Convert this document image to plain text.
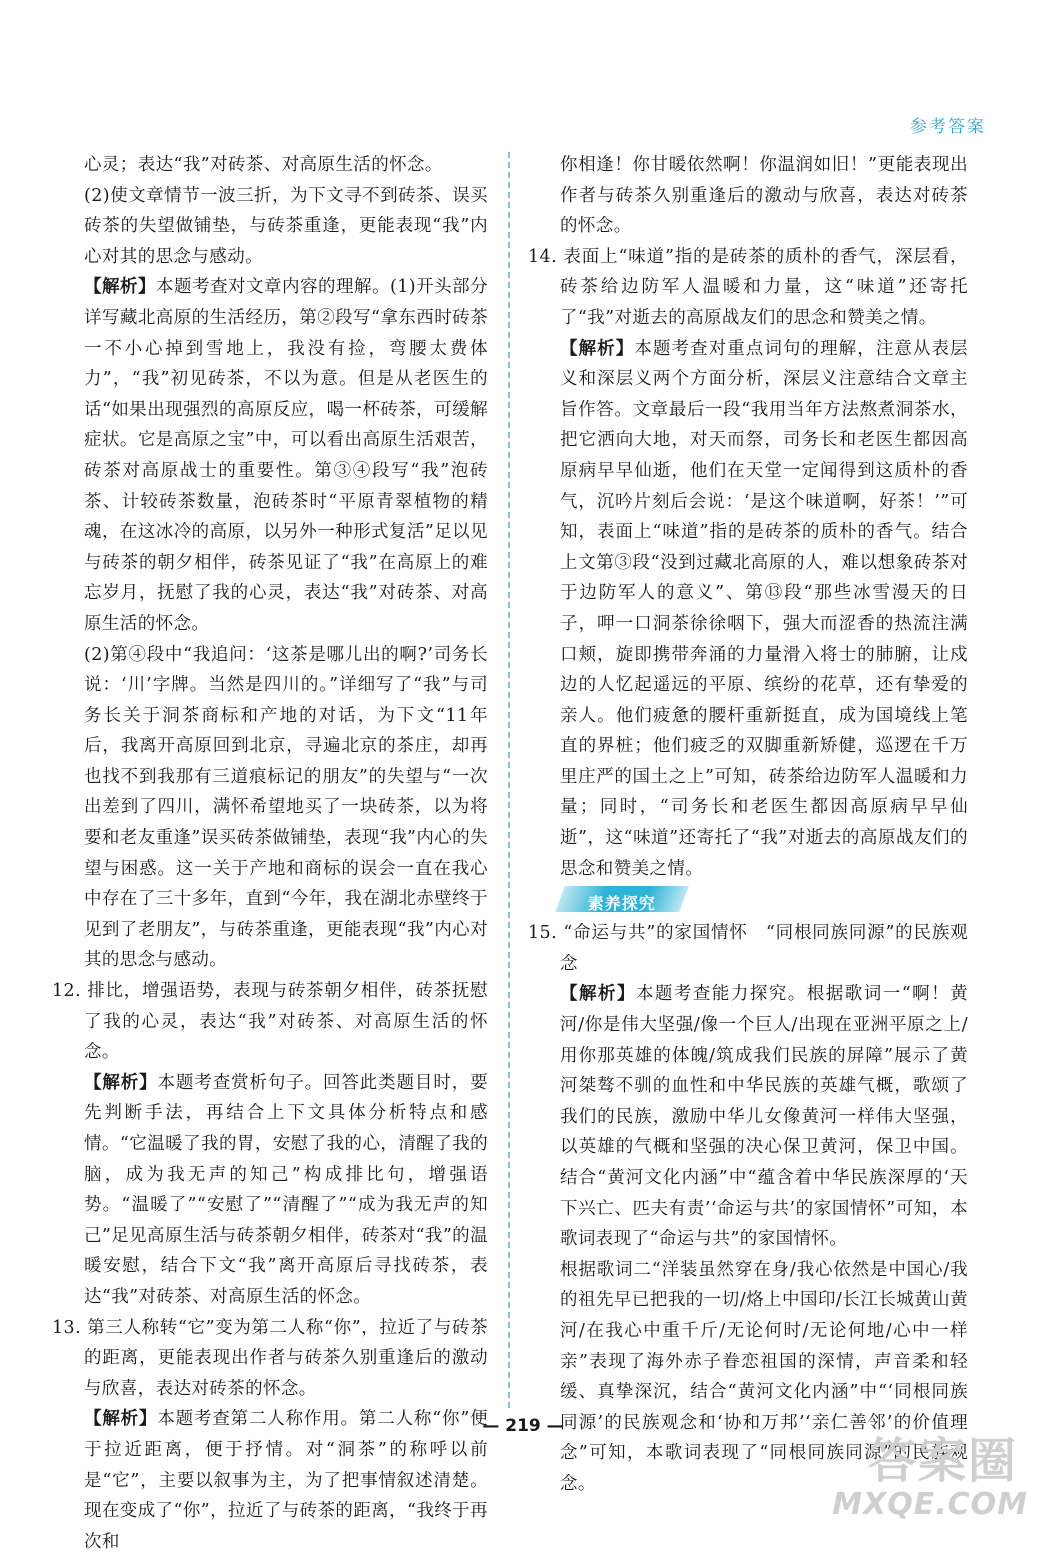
参考答案

心灵；表达“我”对砖茶、对高原生活的怀念。

(2)使文章情节一波三折，为下文寻不到砖茶、误买砖茶的失望做铺垫，与砖茶重逢，更能表现“我”内心对其的思念与感动。

【解析】本题考查对文章内容的理解。(1)开头部分详写藏北高原的生活经历，第②段写“拿东西时砖茶一不小心掉到雪地上，我没有捡，弯腰太费体力”，“我”初见砖茶，不以为意。但是从老医生的话“如果出现强烈的高原反应，喝一杯砖茶，可缓解症状。它是高原之宝”中，可以看出高原生活艰苦，砖茶对高原战士的重要性。第③④段写“我”泡砖茶、计较砖茶数量，泡砖茶时“平原青翠植物的精魂，在这冰冷的高原，以另外一种形式复活”足以见与砖茶的朝夕相伴，砖茶见证了“我”在高原上的难忘岁月，抚慰了我的心灵，表达“我”对砖茶、对高原生活的怀念。

(2)第④段中“我追问：‘这茶是哪儿出的啊?’司务长说：‘川’字牌。当然是四川的。”详细写了“我”与司务长关于洞茶商标和产地的对话，为下文“11年后，我离开高原回到北京，寻遍北京的茶庄，却再也找不到我那有三道痕标记的朋友”的失望与“一次出差到了四川，满怀希望地买了一块砖茶，以为将要和老友重逢”误买砖茶做铺垫，表现“我”内心的失望与困惑。这一关于产地和商标的误会一直在我心中存在了三十多年，直到“今年，我在湖北赤壁终于见到了老朋友”，与砖茶重逢，更能表现“我”内心对其的思念与感动。

12. 排比，增强语势，表现与砖茶朝夕相伴，砖茶抚慰了我的心灵，表达“我”对砖茶、对高原生活的怀念。

【解析】本题考查赏析句子。回答此类题目时，要先判断手法，再结合上下文具体分析特点和感情。“它温暖了我的胃，安慰了我的心，清醒了我的脑，成为我无声的知己”构成排比句，增强语势。“温暖了”“安慰了”“清醒了”“成为我无声的知己”足见高原生活与砖茶朝夕相伴，砖茶对“我”的温暖安慰，结合下文“我”离开高原后寻找砖茶，表达“我”对砖茶、对高原生活的怀念。

13. 第三人称转“它”变为第二人称“你”，拉近了与砖茶的距离，更能表现出作者与砖茶久别重逢后的激动与欣喜，表达对砖茶的怀念。

【解析】本题考查第二人称作用。第二人称“你”便于拉近距离，便于抒情。对“洞茶”的称呼以前是“它”，主要以叙事为主，为了把事情叙述清楚。现在变成了“你”，拉近了与砖茶的距离，“我终于再次和

你相逢！你甘暖依然啊！你温润如旧！”更能表现出作者与砖茶久别重逢后的激动与欣喜，表达对砖茶的怀念。

14. 表面上“味道”指的是砖茶的质朴的香气，深层看，砖茶给边防军人温暖和力量，这“味道”还寄托了“我”对逝去的高原战友们的思念和赞美之情。

【解析】本题考查对重点词句的理解，注意从表层义和深层义两个方面分析，深层义注意结合文章主旨作答。文章最后一段“我用当年方法熬煮洞茶水，把它洒向大地，对天而祭，司务长和老医生都因高原病早早仙逝，他们在天堂一定闻得到这质朴的香气，沉吟片刻后会说：‘是这个味道啊，好茶！’”可知，表面上“味道”指的是砖茶的质朴的香气。结合上文第③段“没到过藏北高原的人，难以想象砖茶对于边防军人的意义”、第⑬段“那些冰雪漫天的日子，呷一口洞茶徐徐咽下，强大而涩香的热流注满口颊，旋即携带奔涌的力量滑入将士的肺腑，让戍边的人忆起遥远的平原、缤纷的花草，还有挚爱的亲人。他们疲惫的腰杆重新挺直，成为国境线上笔直的界桩；他们疲乏的双脚重新矫健，巡逻在千万里庄严的国土之上”可知，砖茶给边防军人温暖和力量；同时，“司务长和老医生都因高原病早早仙逝”，这“味道”还寄托了“我”对逝去的高原战友们的思念和赞美之情。

素养探究

15. “命运与共”的家国情怀　“同根同族同源”的民族观念

【解析】本题考查能力探究。根据歌词一“啊！黄河/你是伟大坚强/像一个巨人/出现在亚洲平原之上/用你那英雄的体魄/筑成我们民族的屏障”展示了黄河桀骜不驯的血性和中华民族的英雄气概，歌颂了我们的民族，激励中华儿女像黄河一样伟大坚强，以英雄的气概和坚强的决心保卫黄河，保卫中国。结合“黄河文化内涵”中“蕴含着中华民族深厚的‘天下兴亡、匹夫有责’‘命运与共’的家国情怀”可知，本歌词表现了“命运与共”的家国情怀。

根据歌词二“洋装虽然穿在身/我心依然是中国心/我的祖先早已把我的一切/烙上中国印/长江长城黄山黄河/在我心中重千斤/无论何时/无论何地/心中一样亲”表现了海外赤子眷恋祖国的深情，声音柔和轻缓、真挚深沉，结合“黄河文化内涵”中“‘同根同族同源’的民族观念和‘协和万邦’‘亲仁善邻’的价值理念”可知，本歌词表现了“同根同族同源”的民族观念。

— 219 —
答案圈
MXQE.COM
